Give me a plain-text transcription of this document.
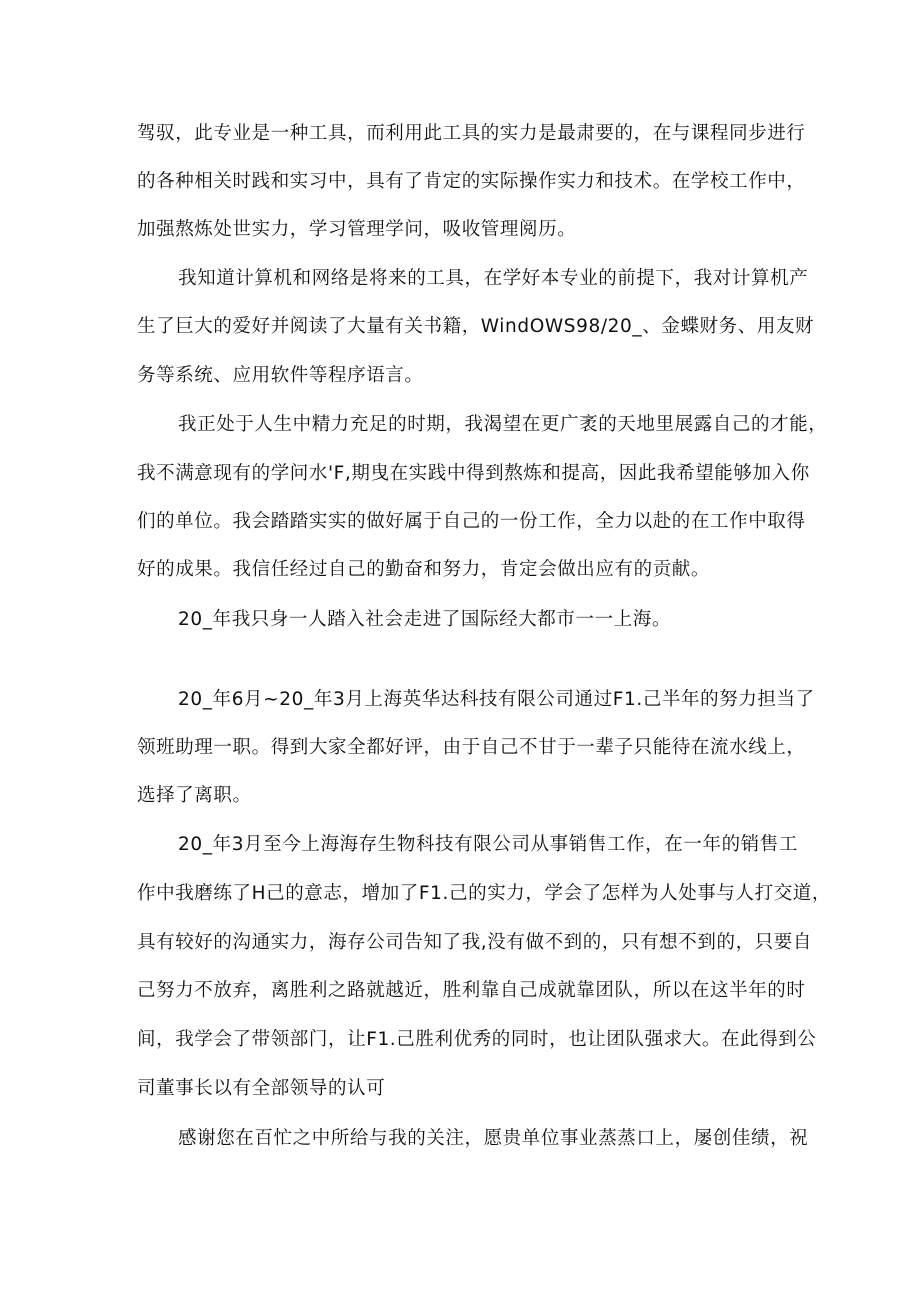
驾驭，此专业是一种工具，而利用此工具的实力是最肃要的，在与课程同步进行
的各种相关时践和实习中，具有了肯定的实际操作实力和技术。在学校工作中，
加强熬炼处世实力，学习管理学问，吸收管理阅历。
我知道计算机和网络是将来的工具，在学好本专业的前提下，我对计算机产
生了巨大的爱好并阅读了大量有关书籍，WindOWS98/20_、金蝶财务、用友财
务等系统、应用软件等程序语言。
我正处于人生中精力充足的时期，我渴望在更广袤的天地里展露自己的才能，
我不满意现有的学问水'F,期曳在实践中得到熬炼和提高，因此我希望能够加入你
们的单位。我会踏踏实实的做好属于自己的一份工作，全力以赴的在工作中取得
好的成果。我信任经过自己的勤奋和努力，肯定会做出应有的贡献。
20_年我只身一人踏入社会走进了国际经大都市一一上海。
20_年6月~20_年3月上海英华达科技有限公司通过F1.己半年的努力担当了
领班助理一职。得到大家全都好评，由于自己不甘于一辈子只能待在流水线上，
选择了离职。
20_年3月至今上海海存生物科技有限公司从事销售工作，在一年的销售工
作中我磨练了H己的意志，增加了F1.己的实力，学会了怎样为人处事与人打交道，
具有较好的沟通实力，海存公司告知了我,没有做不到的，只有想不到的，只要自
己努力不放弃，离胜利之路就越近，胜利靠自己成就靠团队，所以在这半年的时
间，我学会了带领部门，让F1.己胜利优秀的同时，也让团队强求大。在此得到公
司董事长以有全部领导的认可
感谢您在百忙之中所给与我的关注，愿贵单位事业蒸蒸口上，屡创佳绩，祝
